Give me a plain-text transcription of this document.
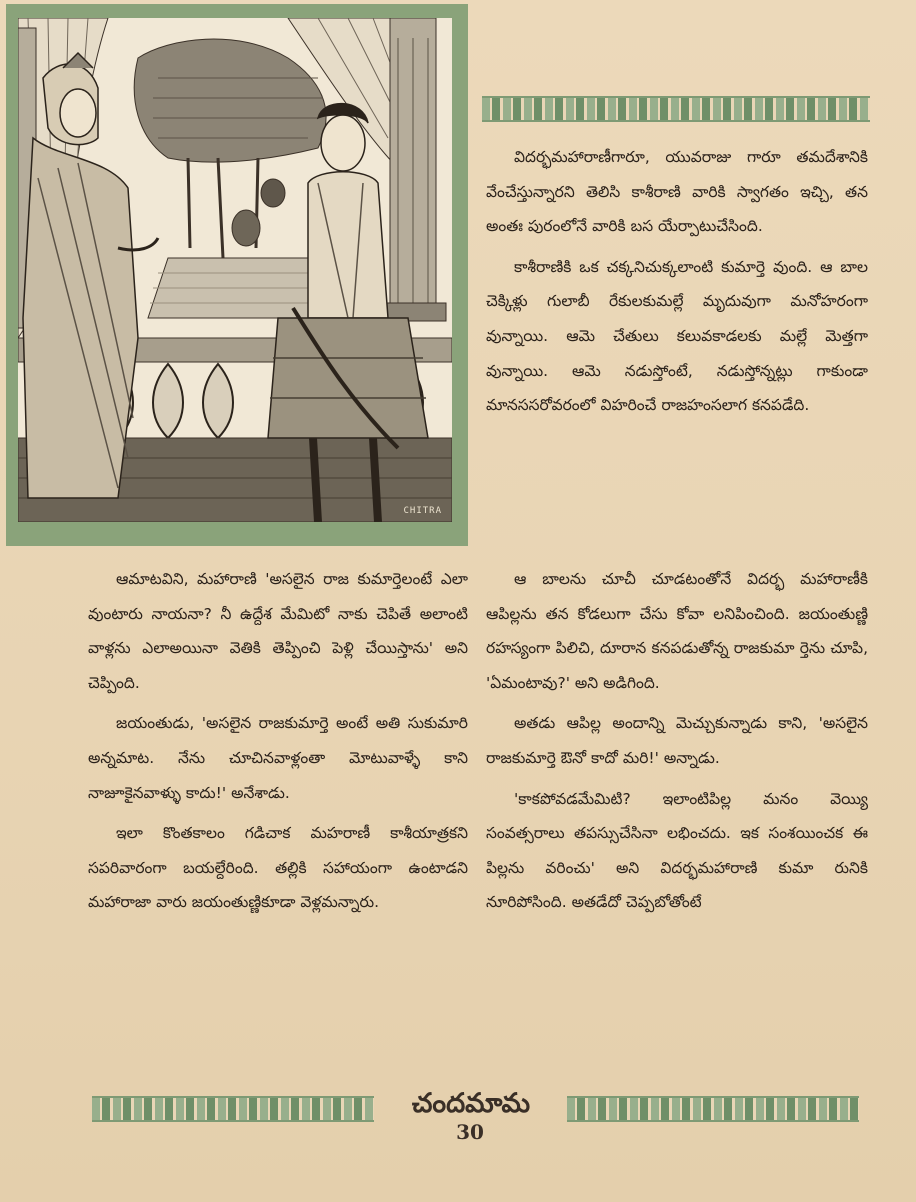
CHITRA

విదర్భమహారాణీగారూ, యువరాజు గారూ తమదేశానికి వేంచేస్తున్నారని తెలిసి కాశీరాణి వారికి స్వాగతం ఇచ్చి, తన అంతః పురంలోనే వారికి బస యేర్పాటుచేసింది.

కాశీరాణికి ఒక చక్కనిచుక్కలాంటి కుమార్తె వుంది. ఆ బాల చెక్కిళ్లు గులాబీ రేకులకుమల్లే మృదువుగా మనోహరంగా వున్నాయి. ఆమె చేతులు కలువకాడలకు మల్లే మెత్తగా వున్నాయి. ఆమె నడుస్తోంటే, నడుస్తోన్నట్లు గాకుండా మానససరోవరంలో విహరించే రాజహంసలాగ కనపడేది.

ఆమాటవిని, మహారాణి 'అసలైన రాజ కుమార్తెలంటే ఎలా వుంటారు నాయనా? నీ ఉద్దేశ మేమిటో నాకు చెపితే అలాంటి వాళ్లను ఎలాఅయినా వెతికి తెప్పించి పెళ్లి చేయిస్తాను' అని చెప్పింది.

జయంతుడు, 'అసలైన రాజకుమార్తె అంటే అతి సుకుమారి అన్నమాట. నేను చూచినవాళ్లంతా మోటువాళ్ళే కాని నాజూకైనవాళ్ళు కాదు!' అనేశాడు.

ఇలా కొంతకాలం గడిచాక మహరాణీ కాశీయాత్రకని సపరివారంగా బయల్దేరింది. తల్లికి సహాయంగా ఉంటాడని మహారాజా వారు జయంతుణ్ణికూడా వెళ్లమన్నారు.

ఆ బాలను చూచీ చూడటంతోనే విదర్భ మహారాణీకి ఆపిల్లను తన కోడలుగా చేసు కోవా లనిపించింది. జయంతుణ్ణి రహస్యంగా పిలిచి, దూరాన కనపడుతోన్న రాజకుమా ర్తెను చూపి, 'ఏమంటావు?' అని అడిగింది.

అతడు ఆపిల్ల అందాన్ని మెచ్చుకున్నాడు కాని, 'అసలైన రాజకుమార్తె ఔనో కాదో మరి!' అన్నాడు.

'కాకపోవడమేమిటి? ఇలాంటిపిల్ల మనం వెయ్యి సంవత్సరాలు తపస్సుచేసినా లభించదు. ఇక సంశయించక ఈ పిల్లను వరించు' అని విదర్భమహారాణి కుమా రునికి నూరిపోసింది. అతడేదో చెప్పబోతోంటే

చందమామ
30
